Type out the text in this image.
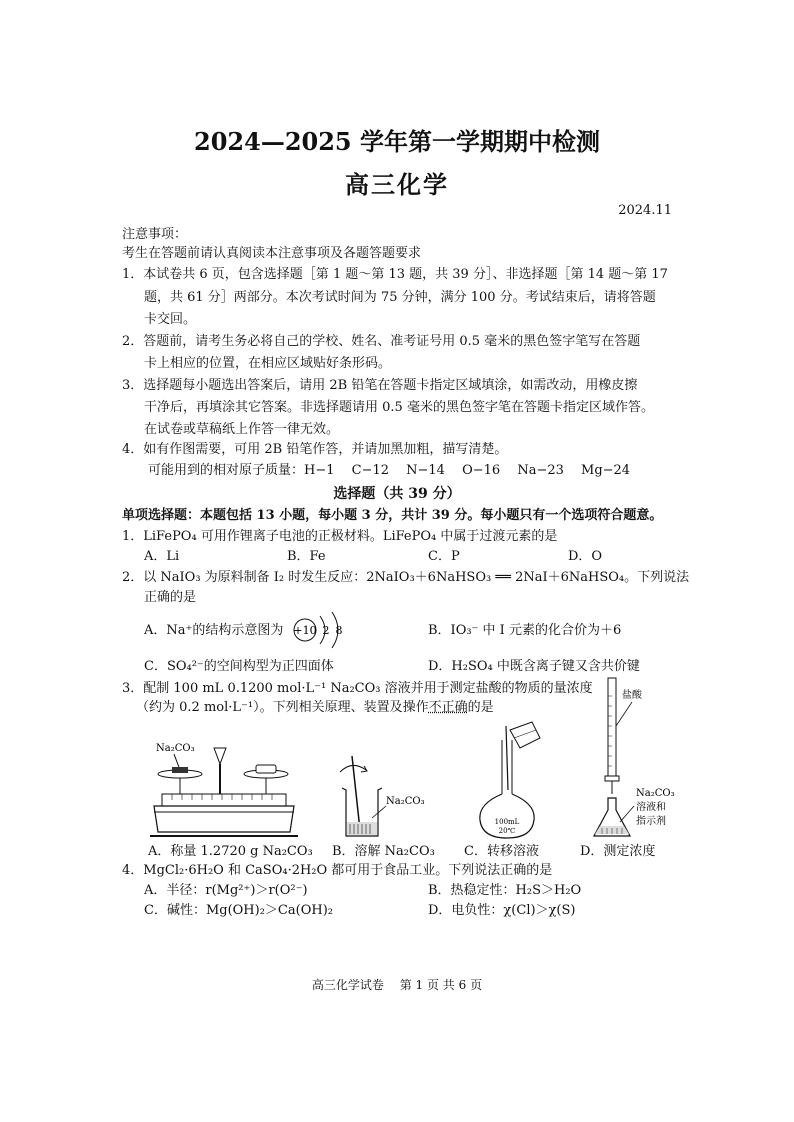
2024—2025 学年第一学期期中检测
高三化学
2024.11
注意事项：
考生在答题前请认真阅读本注意事项及各题答题要求
1．本试卷共 6 页，包含选择题［第 1 题～第 13 题，共 39 分］、非选择题［第 14 题～第 17
题，共 61 分］两部分。本次考试时间为 75 分钟，满分 100 分。考试结束后，请将答题
卡交回。
2．答题前，请考生务必将自己的学校、姓名、准考证号用 0.5 毫米的黑色签字笔写在答题
卡上相应的位置，在相应区域贴好条形码。
3．选择题每小题选出答案后，请用 2B 铅笔在答题卡指定区域填涂，如需改动，用橡皮擦
干净后，再填涂其它答案。非选择题请用 0.5 毫米的黑色签字笔在答题卡指定区域作答。
在试卷或草稿纸上作答一律无效。
4．如有作图需要，可用 2B 铅笔作答，并请加黑加粗，描写清楚。
可能用到的相对原子质量：H−1　 C−12　 N−14　 O−16　 Na−23　 Mg−24
选择题（共 39 分）
单项选择题：本题包括 13 小题，每小题 3 分，共计 39 分。每小题只有一个选项符合题意。
1．LiFePO₄ 可用作锂离子电池的正极材料。LiFePO₄ 中属于过渡元素的是
A．Li	B．Fe	C．P	D．O
2．以 NaIO₃ 为原料制备 I₂ 时发生反应：2NaIO₃＋6NaHSO₃ ══ 2NaI＋6NaHSO₄。下列说法
正确的是
A．Na⁺的结构示意图为 +10 2 8	B．IO₃⁻ 中 I 元素的化合价为＋6
C．SO₄²⁻的空间构型为正四面体	D．H₂SO₄ 中既含离子键又含共价键
3．配制 100 mL 0.1200 mol·L⁻¹ Na₂CO₃ 溶液并用于测定盐酸的物质的量浓度
（约为 0.2 mol·L⁻¹）。下列相关原理、装置及操作不正确的是
Na₂CO₃
Na₂CO₃
100mL
20℃
盐酸
Na₂CO₃
溶液和
指示剂
A．称量 1.2720 g Na₂CO₃ B．溶解 Na₂CO₃ C．转移溶液	D．测定浓度
4．MgCl₂·6H₂O 和 CaSO₄·2H₂O 都可用于食品工业。下列说法正确的是
A．半径：r(Mg²⁺)＞r(O²⁻)	B．热稳定性：H₂S＞H₂O
C．碱性：Mg(OH)₂＞Ca(OH)₂	D．电负性：χ(Cl)＞χ(S)
高三化学试卷　 第 1 页 共 6 页
